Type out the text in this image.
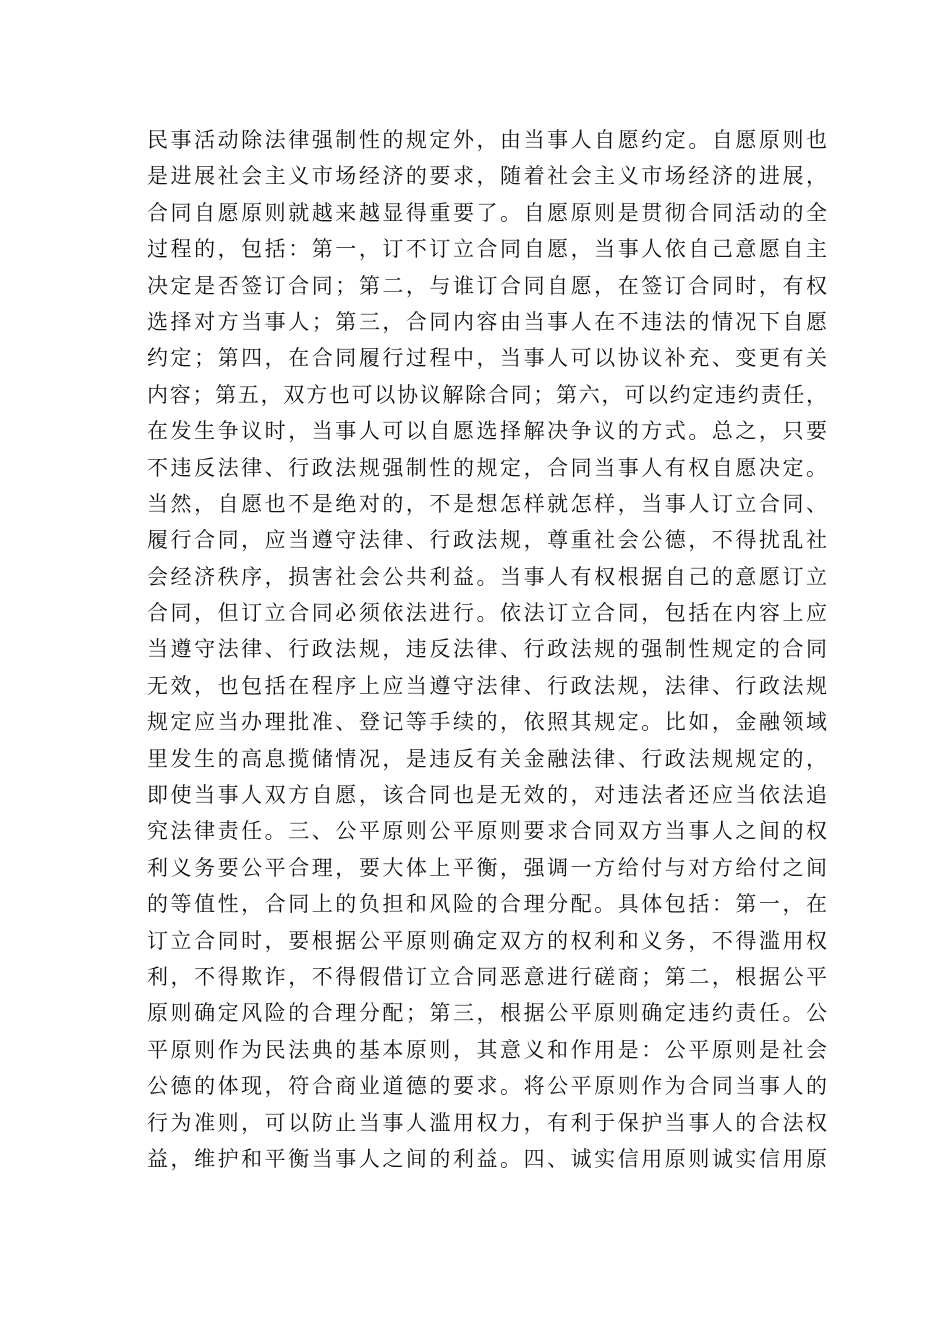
民事活动除法律强制性的规定外，由当事人自愿约定。自愿原则也
是进展社会主义市场经济的要求，随着社会主义市场经济的进展，
合同自愿原则就越来越显得重要了。自愿原则是贯彻合同活动的全
过程的，包括：第一，订不订立合同自愿，当事人依自己意愿自主
决定是否签订合同；第二，与谁订合同自愿，在签订合同时，有权
选择对方当事人；第三，合同内容由当事人在不违法的情况下自愿
约定；第四，在合同履行过程中，当事人可以协议补充、变更有关
内容；第五，双方也可以协议解除合同；第六，可以约定违约责任，
在发生争议时，当事人可以自愿选择解决争议的方式。总之，只要
不违反法律、行政法规强制性的规定，合同当事人有权自愿决定。
当然，自愿也不是绝对的，不是想怎样就怎样，当事人订立合同、
履行合同，应当遵守法律、行政法规，尊重社会公德，不得扰乱社
会经济秩序，损害社会公共利益。当事人有权根据自己的意愿订立
合同，但订立合同必须依法进行。依法订立合同，包括在内容上应
当遵守法律、行政法规，违反法律、行政法规的强制性规定的合同
无效，也包括在程序上应当遵守法律、行政法规，法律、行政法规
规定应当办理批准、登记等手续的，依照其规定。比如，金融领域
里发生的高息揽储情况，是违反有关金融法律、行政法规规定的，
即使当事人双方自愿，该合同也是无效的，对违法者还应当依法追
究法律责任。三、公平原则公平原则要求合同双方当事人之间的权
利义务要公平合理，要大体上平衡，强调一方给付与对方给付之间
的等值性，合同上的负担和风险的合理分配。具体包括：第一，在
订立合同时，要根据公平原则确定双方的权利和义务，不得滥用权
利，不得欺诈，不得假借订立合同恶意进行磋商；第二，根据公平
原则确定风险的合理分配；第三，根据公平原则确定违约责任。公
平原则作为民法典的基本原则，其意义和作用是：公平原则是社会
公德的体现，符合商业道德的要求。将公平原则作为合同当事人的
行为准则，可以防止当事人滥用权力，有利于保护当事人的合法权
益，维护和平衡当事人之间的利益。四、诚实信用原则诚实信用原
